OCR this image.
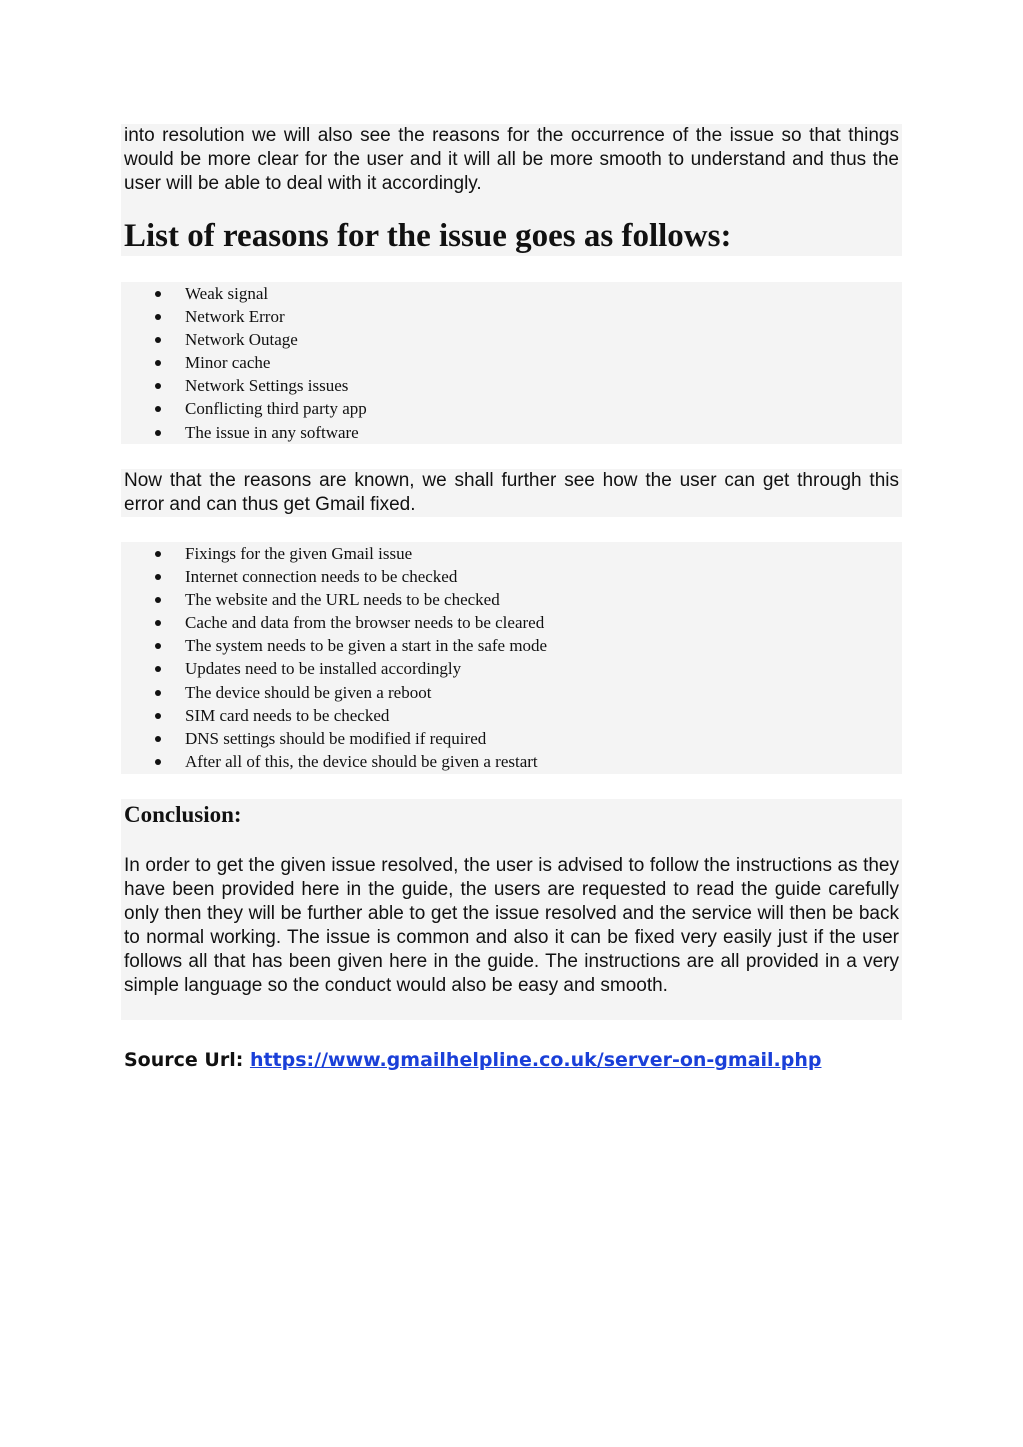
into resolution we will also see the reasons for the occurrence of the issue so that things would be more clear for the user and it will all be more smooth to understand and thus the user will be able to deal with it accordingly.
List of reasons for the issue goes as follows:
Weak signal
Network Error
Network Outage
Minor cache
Network Settings issues
Conflicting third party app
The issue in any software
Now that the reasons are known, we shall further see how the user can get through this error and can thus get Gmail fixed.
Fixings for the given Gmail issue
Internet connection needs to be checked
The website and the URL needs to be checked
Cache and data from the browser needs to be cleared
The system needs to be given a start in the safe mode
Updates need to be installed accordingly
The device should be given a reboot
SIM card needs to be checked
DNS settings should be modified if required
After all of this, the device should be given a restart
Conclusion:
In order to get the given issue resolved, the user is advised to follow the instructions as they have been provided here in the guide, the users are requested to read the guide carefully only then they will be further able to get the issue resolved and the service will then be back to normal working. The issue is common and also it can be fixed very easily just if the user follows all that has been given here in the guide. The instructions are all provided in a very simple language so the conduct would also be easy and smooth.
Source Url: https://www.gmailhelpline.co.uk/server-on-gmail.php
